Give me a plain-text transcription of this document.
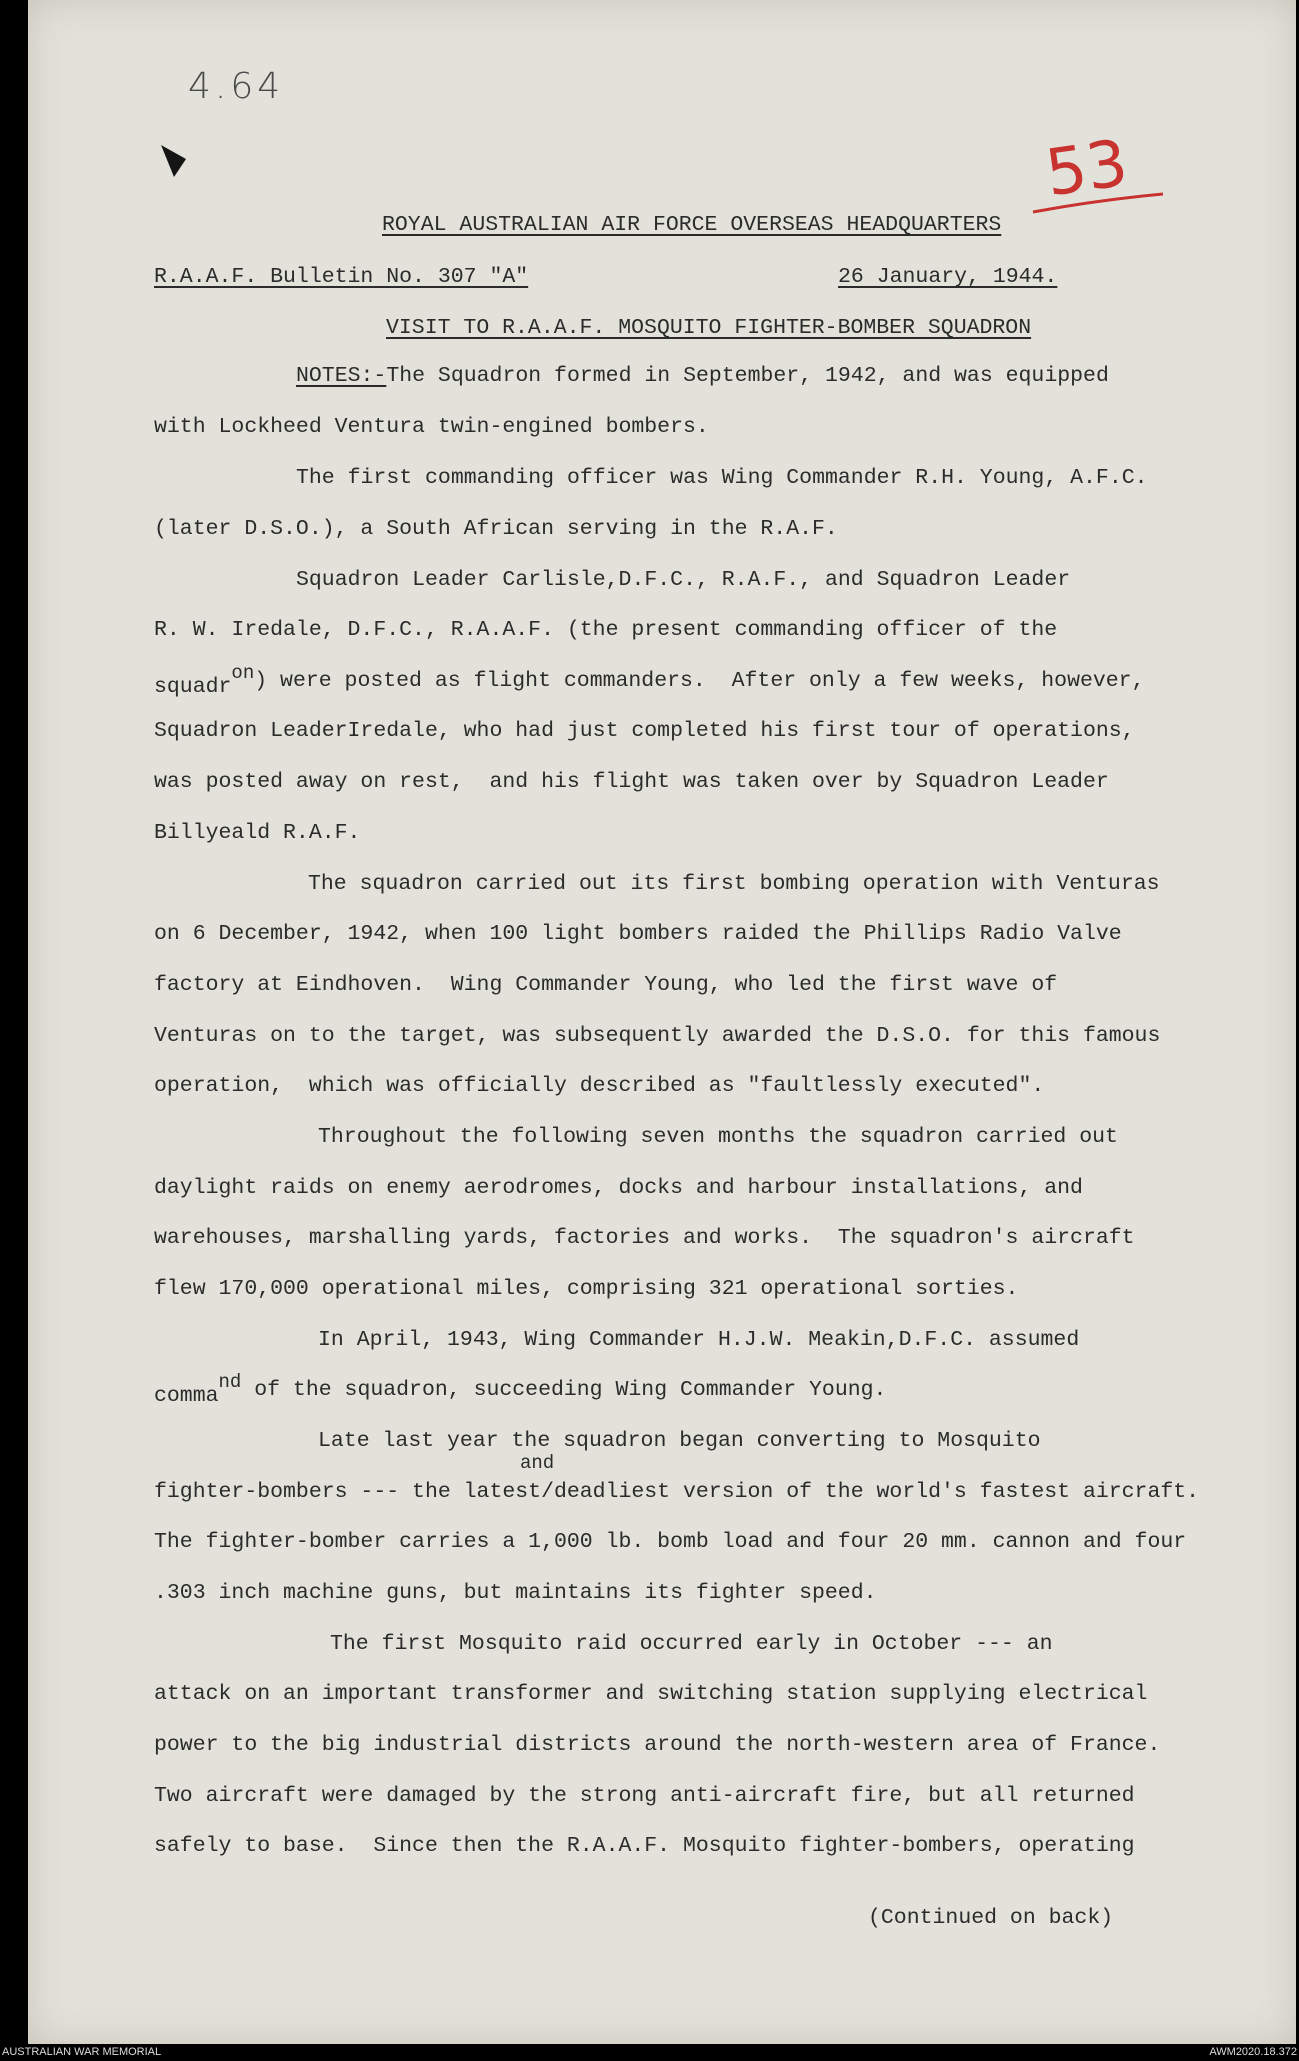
4.64
53
ROYAL AUSTRALIAN AIR FORCE OVERSEAS HEADQUARTERS
R.A.A.F. Bulletin No. 307 "A"	26 January, 1944.
VISIT TO R.A.A.F. MOSQUITO FIGHTER-BOMBER SQUADRON
NOTES:-The Squadron formed in September, 1942, and was equipped
with Lockheed Ventura twin-engined bombers.
The first commanding officer was Wing Commander R.H. Young, A.F.C.
(later D.S.O.), a South African serving in the R.A.F.
Squadron Leader Carlisle,D.F.C., R.A.F., and Squadron Leader
R. W. Iredale, D.F.C., R.A.A.F. (the present commanding officer of the
squadron) were posted as flight commanders.  After only a few weeks, however,
Squadron LeaderIredale, who had just completed his first tour of operations,
was posted away on rest,  and his flight was taken over by Squadron Leader
Billyeald R.A.F.
The squadron carried out its first bombing operation with Venturas
on 6 December, 1942, when 100 light bombers raided the Phillips Radio Valve
factory at Eindhoven.  Wing Commander Young, who led the first wave of
Venturas on to the target, was subsequently awarded the D.S.O. for this famous
operation,  which was officially described as "faultlessly executed".
Throughout the following seven months the squadron carried out
daylight raids on enemy aerodromes, docks and harbour installations, and
warehouses, marshalling yards, factories and works.  The squadron's aircraft
flew 170,000 operational miles, comprising 321 operational sorties.
In April, 1943, Wing Commander H.J.W. Meakin,D.F.C. assumed
command of the squadron, succeeding Wing Commander Young.
Late last year the squadron began converting to Mosquito
and
fighter-bombers --- the latest/deadliest version of the world's fastest aircraft.
The fighter-bomber carries a 1,000 lb. bomb load and four 20 mm. cannon and four
.303 inch machine guns, but maintains its fighter speed.
The first Mosquito raid occurred early in October --- an
attack on an important transformer and switching station supplying electrical
power to the big industrial districts around the north-western area of France.
Two aircraft were damaged by the strong anti-aircraft fire, but all returned
safely to base.  Since then the R.A.A.F. Mosquito fighter-bombers, operating
(Continued on back)
AUSTRALIAN WAR MEMORIAL	AWM2020.18.372
